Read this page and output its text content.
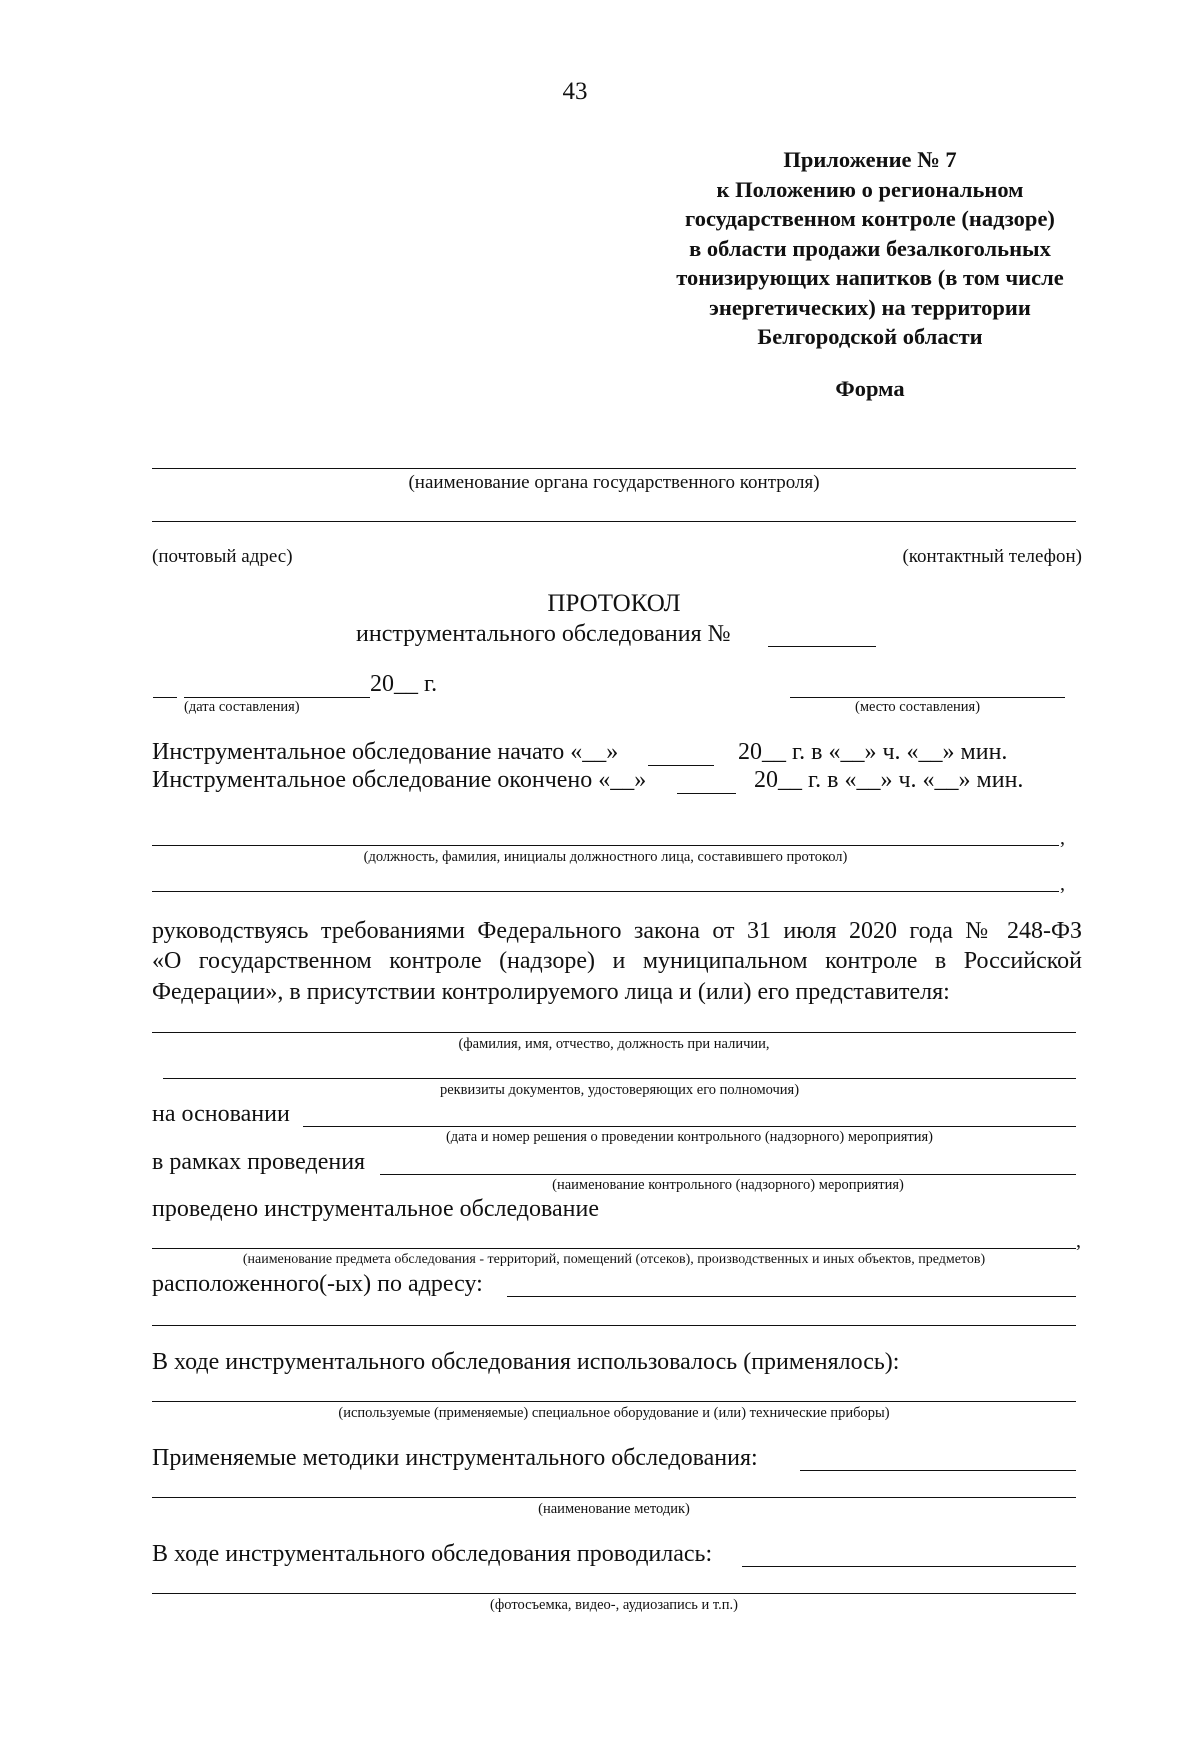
43
Приложение № 7
к Положению о региональном
государственном контроле (надзоре)
в области продажи безалкогольных
тонизирующих напитков (в том числе
энергетических) на территории
Белгородской области
Форма
(наименование органа государственного контроля)
(почтовый адрес)	(контактный телефон)
ПРОТОКОЛ
инструментального обследования №
20__ г.
(дата составления)	(место составления)
Инструментальное обследование начато «__»	20__ г. в «__» ч. «__» мин.
Инструментальное обследование окончено «__»	20__ г. в «__» ч. «__» мин.
,
(должность, фамилия, инициалы должностного лица, составившего протокол)
,
руководствуясь требованиями Федерального закона от 31 июля 2020 года № 248-ФЗ
«О государственном контроле (надзоре) и муниципальном контроле в Российской
Федерации», в присутствии контролируемого лица и (или) его представителя:
(фамилия, имя, отчество, должность при наличии,
реквизиты документов, удостоверяющих его полномочия)
на основании
(дата и номер решения о проведении контрольного (надзорного) мероприятия)
в рамках проведения
(наименование контрольного (надзорного) мероприятия)
проведено инструментальное обследование
,
(наименование предмета обследования - территорий, помещений (отсеков), производственных и иных объектов, предметов)
расположенного(-ых) по адресу:
В ходе инструментального обследования использовалось (применялось):
(используемые (применяемые) специальное оборудование и (или) технические приборы)
Применяемые методики инструментального обследования:
(наименование методик)
В ходе инструментального обследования проводилась:
(фотосъемка, видео-, аудиозапись и т.п.)
